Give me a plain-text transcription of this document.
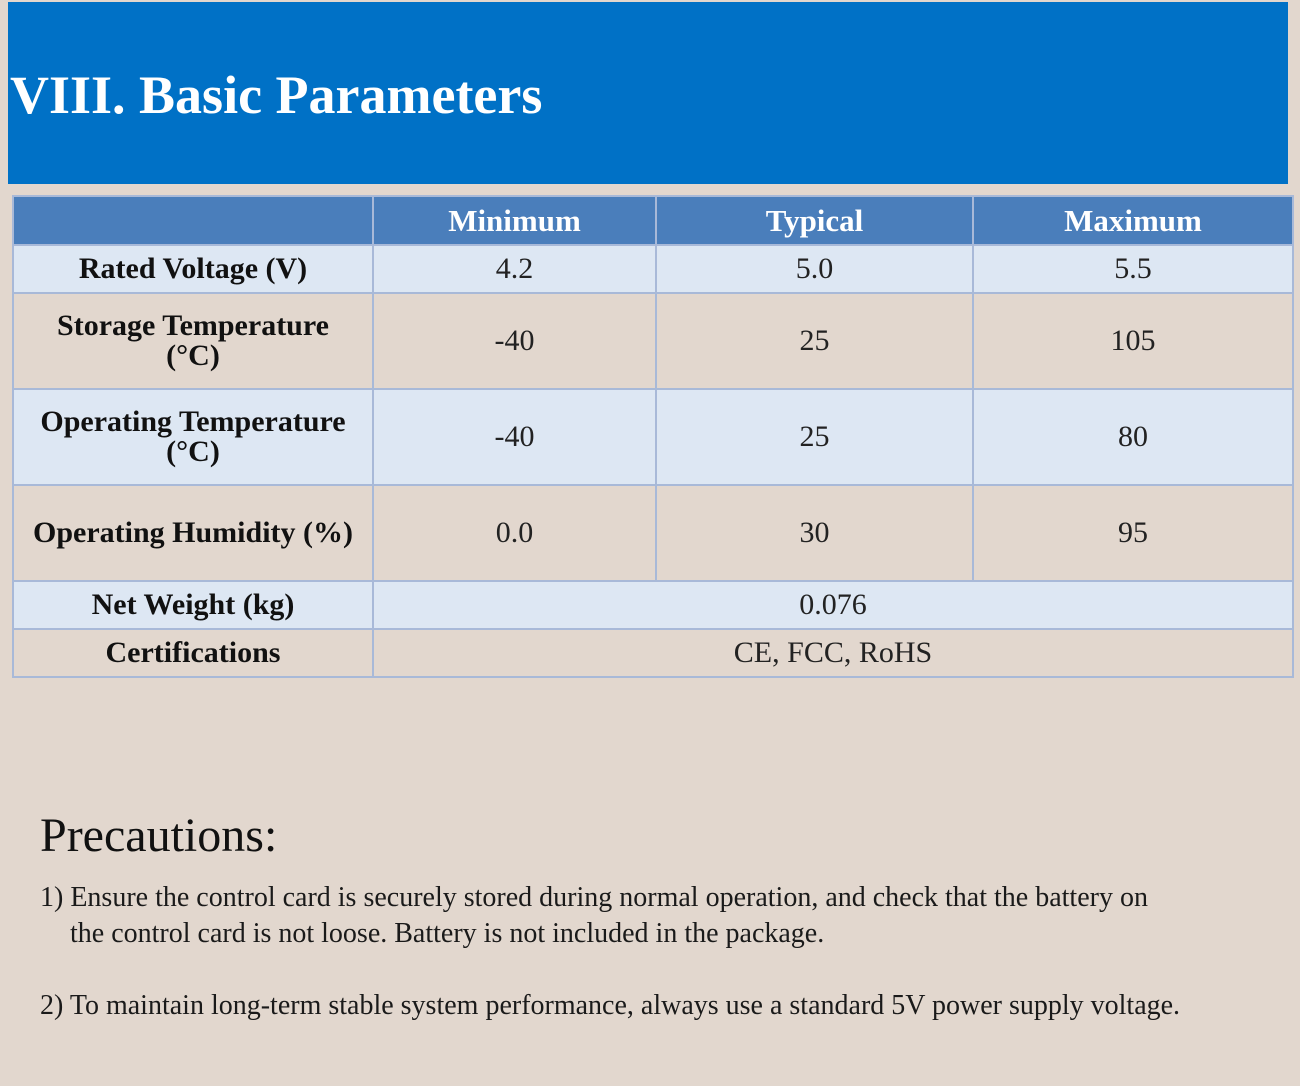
VIII. Basic Parameters
	Minimum	Typical	Maximum
Rated Voltage (V)	4.2	5.0	5.5
Storage Temperature
(°C)	-40	25	105
Operating Temperature
(°C)	-40	25	80
Operating Humidity (%)	0.0	30	95
Net Weight (kg)	0.076		
Certifications	CE, FCC, RoHS		
Precautions:

1) Ensure the control card is securely stored during normal operation, and check that the battery on the control card is not loose. Battery is not included in the package.

2) To maintain long-term stable system performance, always use a standard 5V power supply voltage.
